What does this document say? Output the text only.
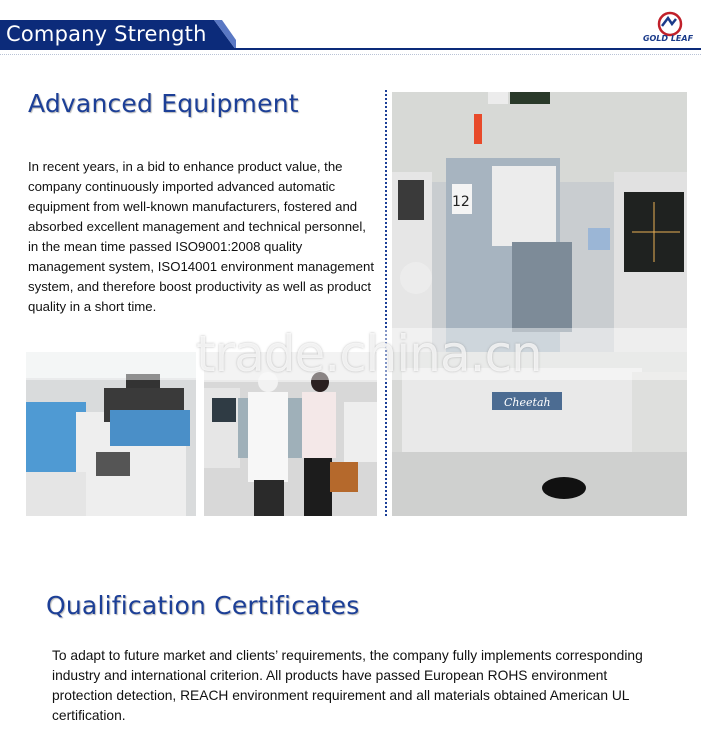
Company Strength	GOLD LEAF
Advanced Equipment
In recent years, in a bid to enhance product value, the company continuously imported advanced automatic equipment from well-known manufacturers, fostered and absorbed excellent management and technical personnel, in the mean time passed ISO9001:2008 quality management system, ISO14001 environment management system, and therefore boost productivity as well as product quality in a short time.
12
Cheetah
trade.china.cn
Qualification Certificates
To adapt to future market and clients’ requirements, the company fully implements corresponding industry and international criterion. All products have passed European ROHS environment protection detection, REACH environment requirement and all materials obtained American UL certification.
